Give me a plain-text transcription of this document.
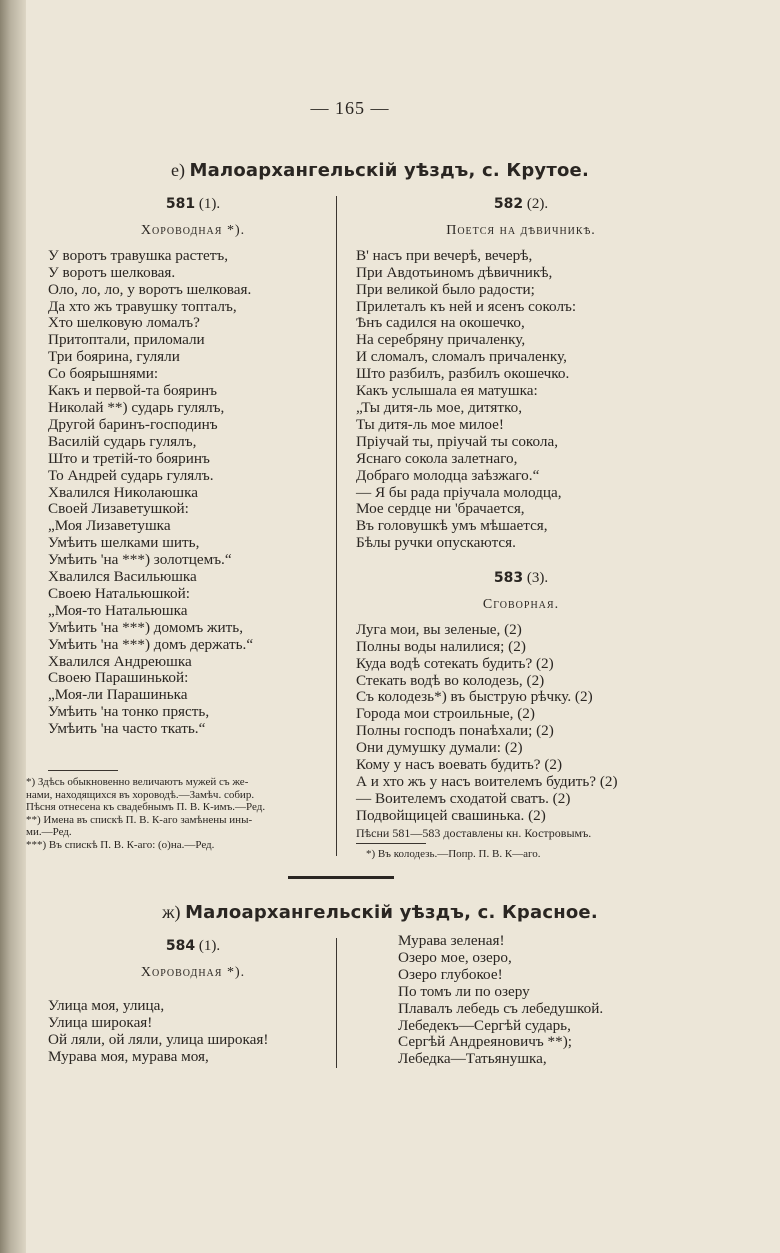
— 165 —
е) Малоархангельскій уѣздъ, с. Крутое.
581 (1).
Хороводная *).
У воротъ травушка растетъ,
У воротъ шелковая.
Оло, ло, ло, у воротъ шелковая.
Да хто жъ травушку топталъ,
Хто шелковую ломалъ?
Притоптали, приломали
Три боярина, гуляли
Со боярышнями:
Какъ и первой-та бояринъ
Николай **) сударь гулялъ,
Другой баринъ-господинъ
Василій сударь гулялъ,
Што и третій-то бояринъ
То Андрей сударь гулялъ.
Хвалился Николаюшка
Своей Лизаветушкой:
„Моя Лизаветушка
Умѣить шелками шить,
Умѣить 'на ***) золотцемъ.“
Хвалился Васильюшка
Своею Натальюшкой:
„Моя-то Натальюшка
Умѣить 'на ***) домомъ жить,
Умѣить 'на ***) домъ держать.“
Хвалился Андреюшка
Своею Парашинькой:
„Моя-ли Парашинька
Умѣить 'на тонко прясть,
Умѣить 'на часто ткать.“
*) Здѣсь обыкновенно величаютъ мужей съ же-
нами, находящихся въ хороводѣ.—Замѣч. собир.
Пѣсня отнесена къ свадебнымъ П. В. К-имъ.—Ред.
**) Имена въ спискѣ П. В. К-аго замѣнены ины-
ми.—Ред.
***) Въ спискѣ П. В. К-аго: (о)на.—Ред.
582 (2).
Поется на дѣвичникѣ.
В' насъ при вечерѣ, вечерѣ,
При Авдотьиномъ дѣвичникѣ,
При великой было радости;
Прилеталъ къ ней и ясенъ соколъ:
Ѣнъ садился на окошечко,
На серебряну причаленку,
И сломалъ, сломалъ причаленку,
Што разбилъ, разбилъ окошечко.
Какъ услышала ея матушка:
„Ты дитя-ль мое, дитятко,
Ты дитя-ль мое милое!
Пріучай ты, пріучай ты сокола,
Яснаго сокола залетнаго,
Добраго молодца заѣзжаго.“
— Я бы рада пріучала молодца,
Мое сердце ни 'брачается,
Въ головушкѣ умъ мѣшается,
Бѣлы ручки опускаются.
583 (3).
Сговорная.
Луга мои, вы зеленые, (2)
Полны воды налилися; (2)
Куда водѣ сотекать будить? (2)
Стекать водѣ во колодезь, (2)
Съ колодезь*) въ быструю рѣчку. (2)
Города мои строильные, (2)
Полны господъ понаѣхали; (2)
Они думушку думали: (2)
Кому у насъ воевать будить? (2)
А и хто жъ у насъ воителемъ будить? (2)
— Воителемъ сходатой сватъ. (2)
Подвойщицей свашинька. (2)
Пѣсни 581—583 доставлены кн. Костровымъ.
*) Въ колодезь.—Попр. П. В. К—аго.
ж) Малоархангельскій уѣздъ, с. Красное.
584 (1).
Хороводная *).
Улица моя, улица,
Улица широкая!
Ой ляли, ой ляли, улица широкая!
Мурава моя, мурава моя,
Мурава зеленая!
Озеро мое, озеро,
Озеро глубокое!
По томъ ли по озеру
Плавалъ лебедь съ лебедушкой.
Лебедекъ—Сергѣй сударь,
Сергѣй Андреяновичъ **);
Лебедка—Татьянушка,
